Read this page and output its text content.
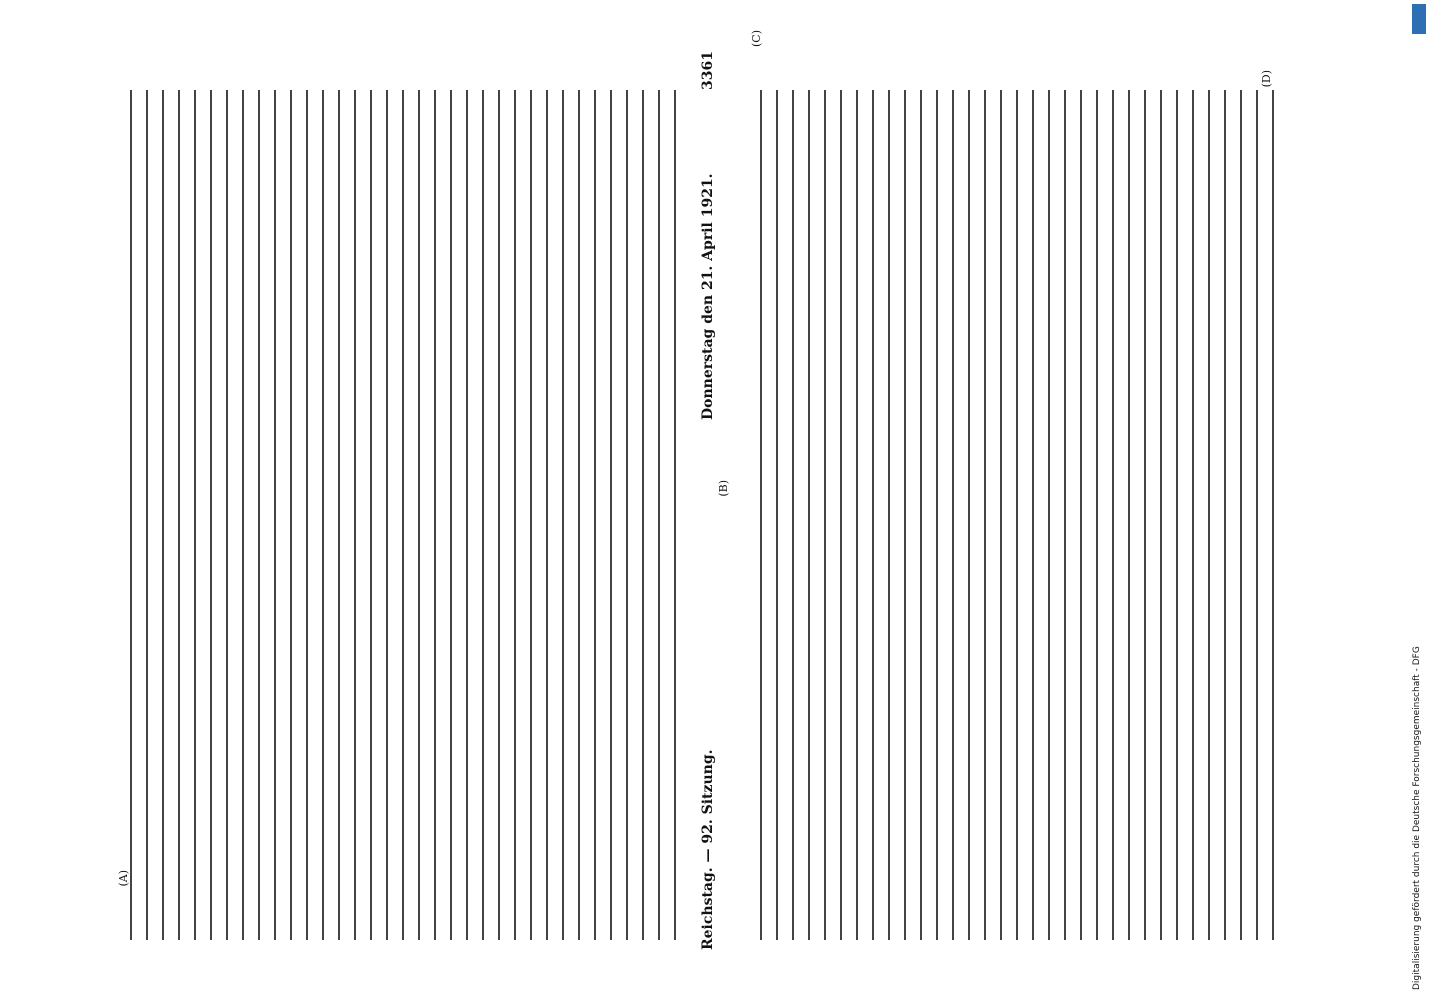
Reichstag. — 92. Sitzung.
Donnerstag den 21. April 1921.
3361
(A)
(B)
(C)
(D)
Digitalisierung gefördert durch die Deutsche Forschungsgemeinschaft - DFG
